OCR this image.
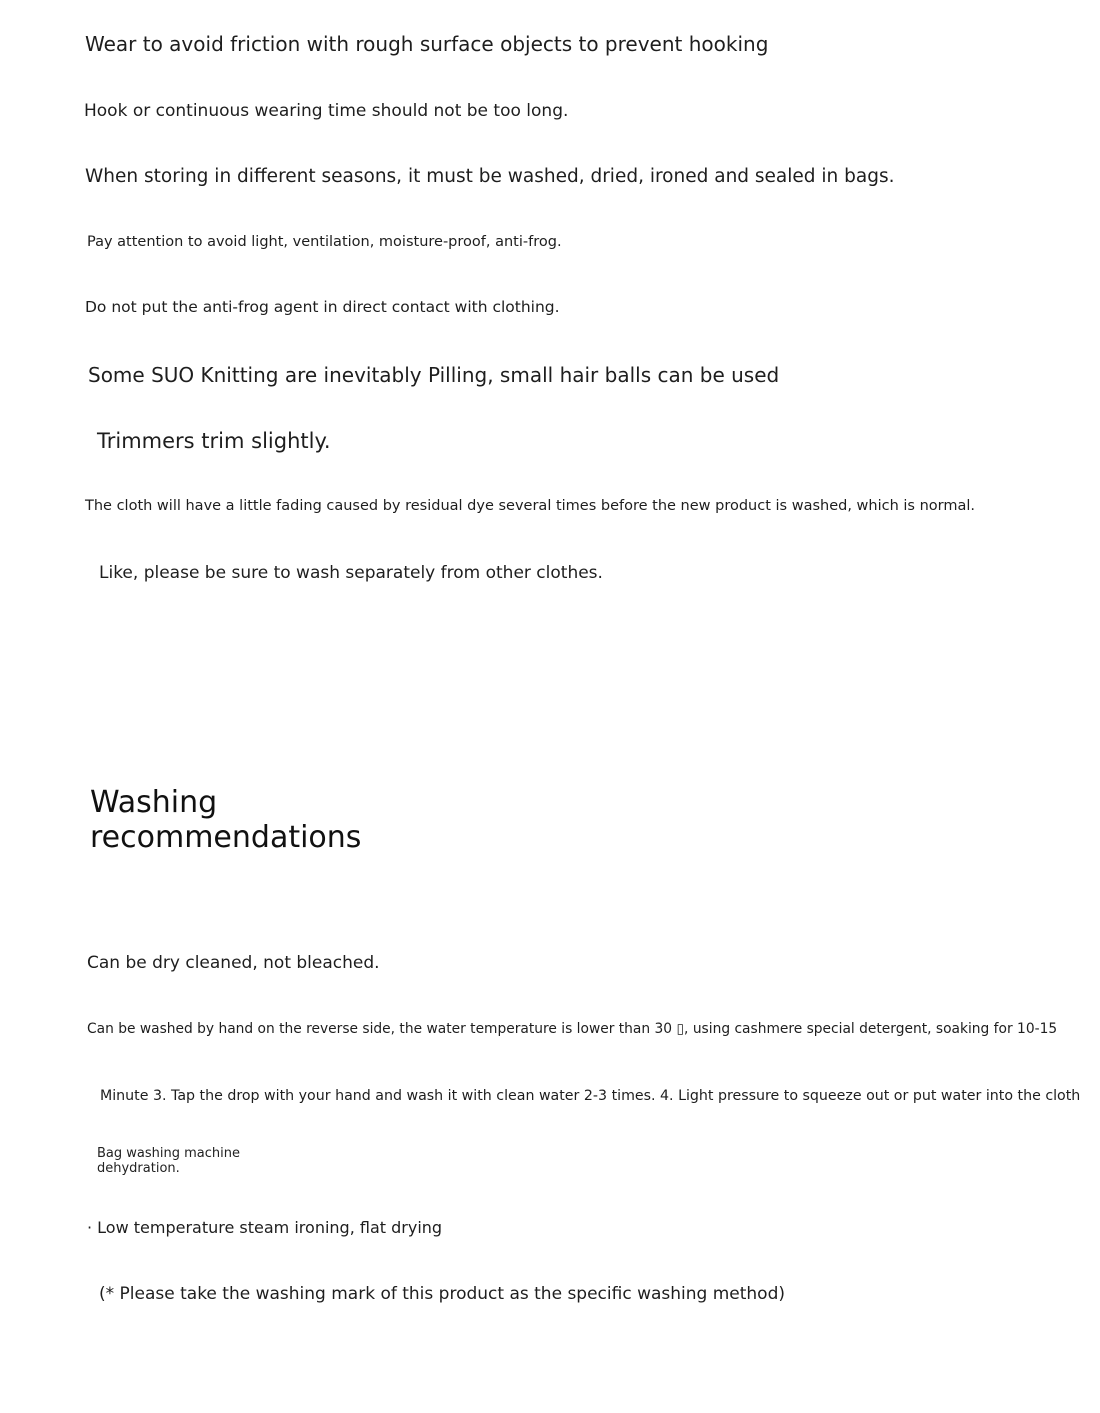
Wear to avoid friction with rough surface objects to prevent hooking
Hook or continuous wearing time should not be too long.
When storing in different seasons, it must be washed, dried, ironed and sealed in bags.
Pay attention to avoid light, ventilation, moisture-proof, anti-frog.
Do not put the anti-frog agent in direct contact with clothing.

Some SUO Knitting are inevitably Pilling, small hair balls can be used
Trimmers trim slightly.
The cloth will have a little fading caused by residual dye several times before the new product is washed, which is normal.
Like, please be sure to wash separately from other clothes.
Washing recommendations
Can be dry cleaned, not bleached.
Can be washed by hand on the reverse side, the water temperature is lower than 30 ▯, using cashmere special detergent, soaking for 10-15

Minute 3. Tap the drop with your hand and wash it with clean water 2-3 times. 4. Light pressure to squeeze out or put water into the cloth
Bag washing machine dehydration.
· Low temperature steam ironing, flat drying
(* Please take the washing mark of this product as the specific washing method)
